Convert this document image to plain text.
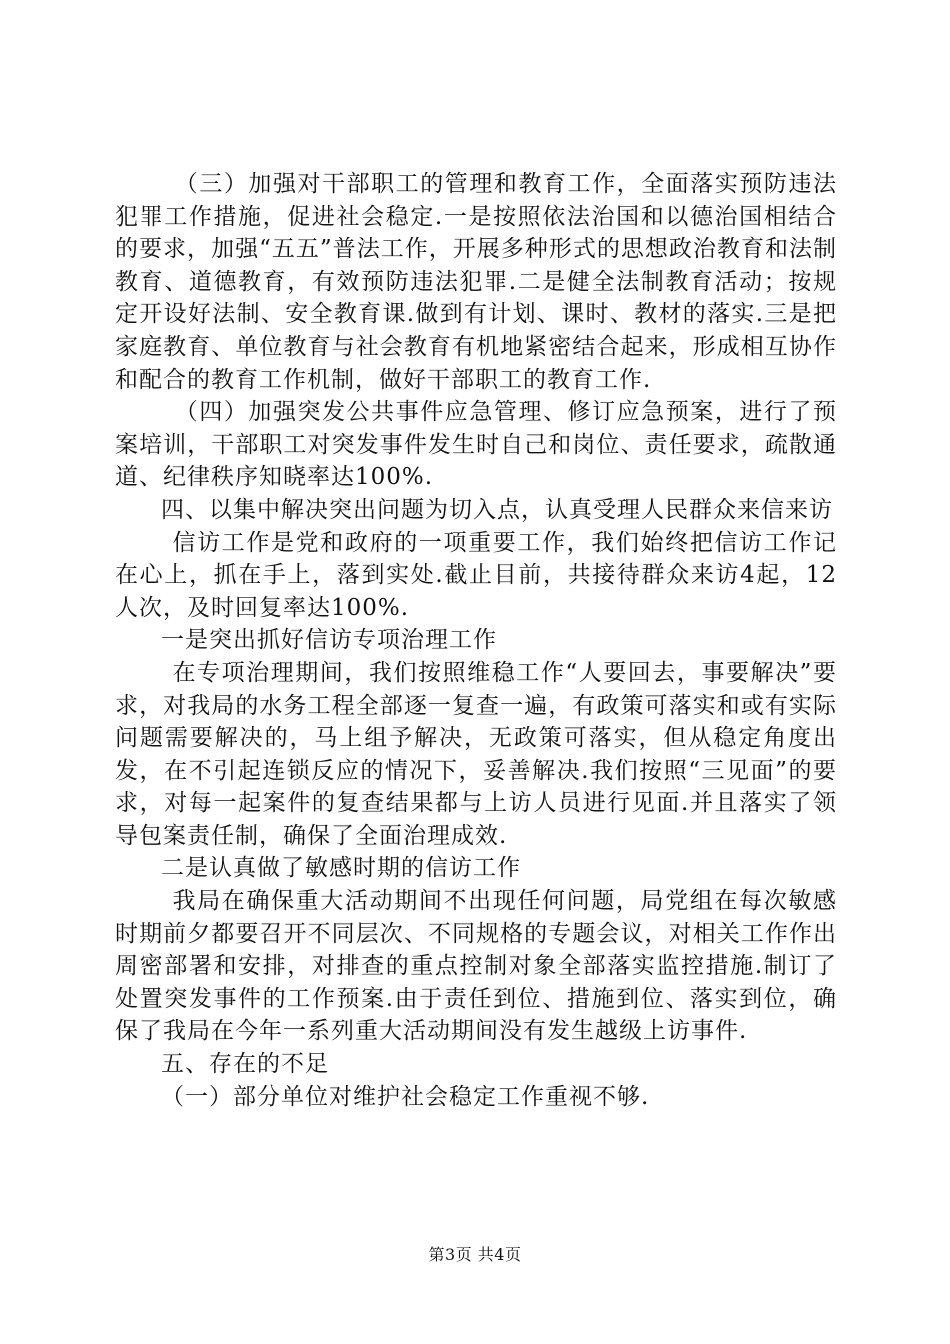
（三）加强对干部职工的管理和教育工作，全面落实预防违法犯罪工作措施，促进社会稳定.一是按照依法治国和以德治国相结合的要求，加强“五五”普法工作，开展多种形式的思想政治教育和法制教育、道德教育，有效预防违法犯罪.二是健全法制教育活动；按规定开设好法制、安全教育课.做到有计划、课时、教材的落实.三是把家庭教育、单位教育与社会教育有机地紧密结合起来，形成相互协作和配合的教育工作机制，做好干部职工的教育工作.

（四）加强突发公共事件应急管理、修订应急预案，进行了预案培训，干部职工对突发事件发生时自己和岗位、责任要求，疏散通道、纪律秩序知晓率达100%.

四、以集中解决突出问题为切入点，认真受理人民群众来信来访

信访工作是党和政府的一项重要工作，我们始终把信访工作记在心上，抓在手上，落到实处.截止目前，共接待群众来访4起，12人次，及时回复率达100%.

一是突出抓好信访专项治理工作

在专项治理期间，我们按照维稳工作“人要回去，事要解决”要求，对我局的水务工程全部逐一复查一遍，有政策可落实和或有实际问题需要解决的，马上组予解决，无政策可落实，但从稳定角度出发，在不引起连锁反应的情况下，妥善解决.我们按照“三见面”的要求，对每一起案件的复查结果都与上访人员进行见面.并且落实了领导包案责任制，确保了全面治理成效.

二是认真做了敏感时期的信访工作

我局在确保重大活动期间不出现任何问题，局党组在每次敏感时期前夕都要召开不同层次、不同规格的专题会议，对相关工作作出周密部署和安排，对排查的重点控制对象全部落实监控措施.制订了处置突发事件的工作预案.由于责任到位、措施到位、落实到位，确保了我局在今年一系列重大活动期间没有发生越级上访事件.

五、存在的不足

（一）部分单位对维护社会稳定工作重视不够.

第3页 共4页
